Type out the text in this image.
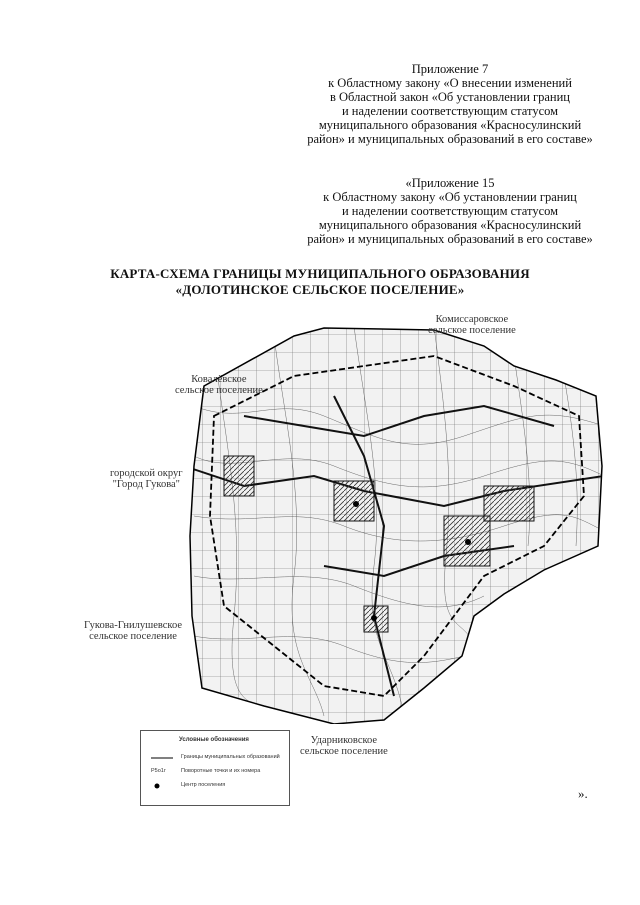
Приложение 7
к Областному закону «О внесении изменений
в Областной закон «Об установлении границ
и наделении соответствующим статусом
муниципального образования «Красносулинский
район» и муниципальных образований в его составе»
«Приложение 15
к Областному закону «Об установлении границ
и наделении соответствующим статусом
муниципального образования «Красносулинский
район» и муниципальных образований в его составе»
КАРТА-СХЕМА ГРАНИЦЫ МУНИЦИПАЛЬНОГО ОБРАЗОВАНИЯ
«ДОЛОТИНСКОЕ СЕЛЬСКОЕ ПОСЕЛЕНИЕ»
Комиссаровское
сельское поселение
Ковалёвское
сельское поселение
городской округ
"Город Гукова"
Гукова-Гнилушевское
сельское поселение
Ударниковское
сельское поселение
Условные обозначения
Границы муниципальных образований
Р5о1г	Поворотные точки и их номера
Центр поселения
».
